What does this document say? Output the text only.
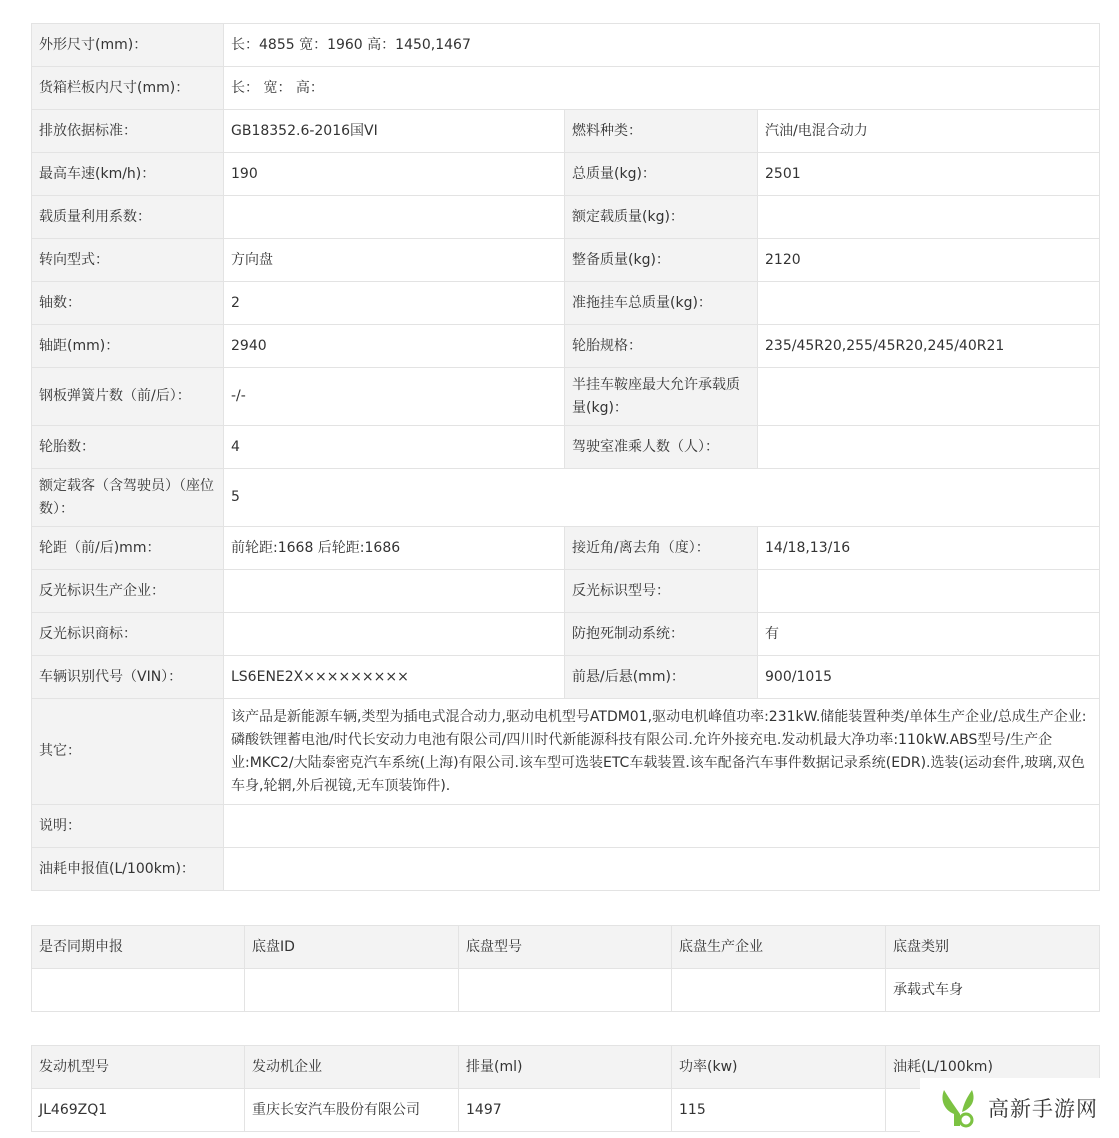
外形尺寸(mm)：	长：4855 宽：1960 高：1450,1467		
货箱栏板内尺寸(mm)：	长： 宽： 高：		
排放依据标准：	GB18352.6-2016国VI	燃料种类：	汽油/电混合动力
最高车速(km/h)：	190	总质量(kg)：	2501
载质量利用系数：		额定载质量(kg)：	
转向型式：	方向盘	整备质量(kg)：	2120
轴数：	2	准拖挂车总质量(kg)：	
轴距(mm)：	2940	轮胎规格：	235/45R20,255/45R20,245/40R21
钢板弹簧片数（前/后）：	-/-	半挂车鞍座最大允许承载质量(kg)：	
轮胎数：	4	驾驶室准乘人数（人）：	
额定载客（含驾驶员）（座位数）：	5		
轮距（前/后)mm：	前轮距:1668 后轮距:1686	接近角/离去角（度）：	14/18,13/16
反光标识生产企业：		反光标识型号：	
反光标识商标：		防抱死制动系统：	有
车辆识别代号（VIN）：	LS6ENE2X×××××××××	前悬/后悬(mm)：	900/1015
其它：	该产品是新能源车辆,类型为插电式混合动力,驱动电机型号ATDM01,驱动电机峰值功率:231kW.储能装置种类/单体生产企业/总成生产企业:磷酸铁锂蓄电池/时代长安动力电池有限公司/四川时代新能源科技有限公司.允许外接充电.发动机最大净功率:110kW.ABS型号/生产企业:MKC2/大陆泰密克汽车系统(上海)有限公司.该车型可选装ETC车载装置.该车配备汽车事件数据记录系统(EDR).选装(运动套件,玻璃,双色车身,轮辋,外后视镜,无车顶装饰件).		
说明：			
油耗申报值(L/100km)：			
是否同期申报	底盘ID	底盘型号	底盘生产企业	底盘类别
				承载式车身
发动机型号	发动机企业	排量(ml)	功率(kw)	油耗(L/100km)
JL469ZQ1	重庆长安汽车股份有限公司	1497	115		高新手游网
